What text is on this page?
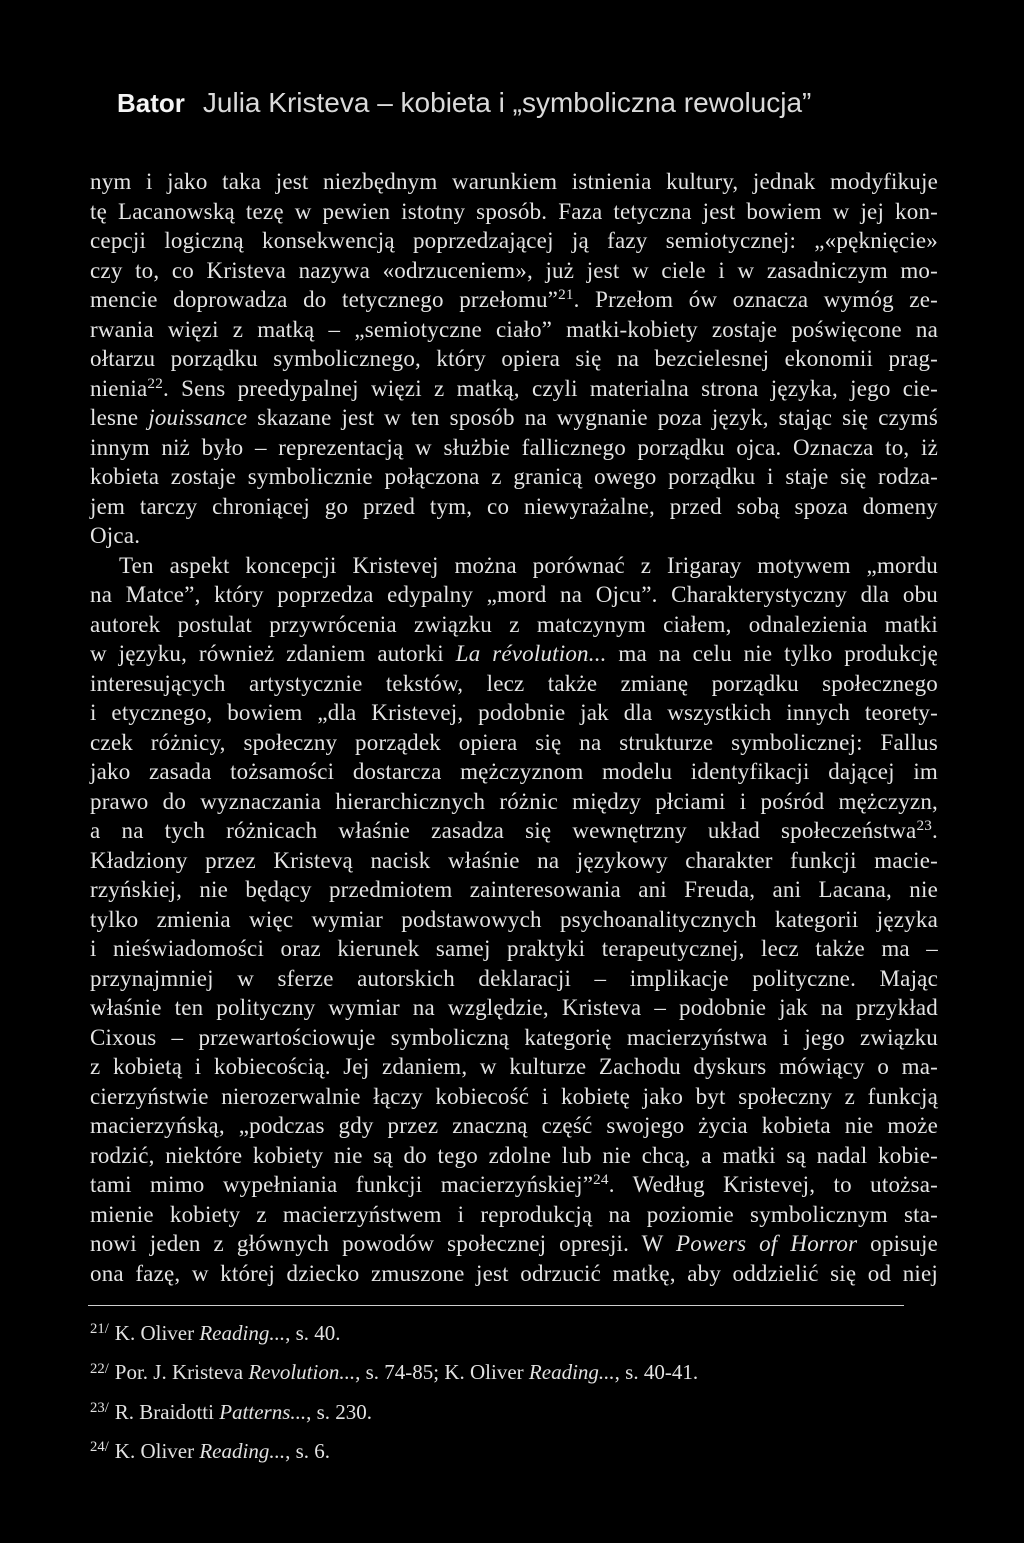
Bator Julia Kristeva – kobieta i „symboliczna rewolucja”
nym i jako taka jest niezbędnym warunkiem istnienia kultury, jednak modyfikuje
tę Lacanowską tezę w pewien istotny sposób. Faza tetyczna jest bowiem w jej kon-
cepcji logiczną konsekwencją poprzedzającej ją fazy semiotycznej: „«pęknięcie»
czy to, co Kristeva nazywa «odrzuceniem», już jest w ciele i w zasadniczym mo-
mencie doprowadza do tetycznego przełomu”$^{21}$. Przełom ów oznacza wymóg ze-
rwania więzi z matką – „semiotyczne ciało” matki-kobiety zostaje poświęcone na
ołtarzu porządku symbolicznego, który opiera się na bezcielesnej ekonomii prag-
nienia$^{22}$. Sens preedypalnej więzi z matką, czyli materialna strona języka, jego cie-
lesne jouissance skazane jest w ten sposób na wygnanie poza język, stając się czymś
innym niż było – reprezentacją w służbie fallicznego porządku ojca. Oznacza to, iż
kobieta zostaje symbolicznie połączona z granicą owego porządku i staje się rodza-
jem tarczy chroniącej go przed tym, co niewyrażalne, przed sobą spoza domeny
Ojca.
Ten aspekt koncepcji Kristevej można porównać z Irigaray motywem „mordu
na Matce”, który poprzedza edypalny „mord na Ojcu”. Charakterystyczny dla obu
autorek postulat przywrócenia związku z matczynym ciałem, odnalezienia matki
w języku, również zdaniem autorki La révolution... ma na celu nie tylko produkcję
interesujących artystycznie tekstów, lecz także zmianę porządku społecznego
i etycznego, bowiem „dla Kristevej, podobnie jak dla wszystkich innych teorety-
czek różnicy, społeczny porządek opiera się na strukturze symbolicznej: Fallus
jako zasada tożsamości dostarcza mężczyznom modelu identyfikacji dającej im
prawo do wyznaczania hierarchicznych różnic między płciami i pośród mężczyzn,
a na tych różnicach właśnie zasadza się wewnętrzny układ społeczeństwa$^{23}$.
Kładziony przez Kristevą nacisk właśnie na językowy charakter funkcji macie-
rzyńskiej, nie będący przedmiotem zainteresowania ani Freuda, ani Lacana, nie
tylko zmienia więc wymiar podstawowych psychoanalitycznych kategorii języka
i nieświadomości oraz kierunek samej praktyki terapeutycznej, lecz także ma –
przynajmniej w sferze autorskich deklaracji – implikacje polityczne. Mając
właśnie ten polityczny wymiar na względzie, Kristeva – podobnie jak na przykład
Cixous – przewartościowuje symboliczną kategorię macierzyństwa i jego związku
z kobietą i kobiecością. Jej zdaniem, w kulturze Zachodu dyskurs mówiący o ma-
cierzyństwie nierozerwalnie łączy kobiecość i kobietę jako byt społeczny z funkcją
macierzyńską, „podczas gdy przez znaczną część swojego życia kobieta nie może
rodzić, niektóre kobiety nie są do tego zdolne lub nie chcą, a matki są nadal kobie-
tami mimo wypełniania funkcji macierzyńskiej”$^{24}$. Według Kristevej, to utożsa-
mienie kobiety z macierzyństwem i reprodukcją na poziomie symbolicznym sta-
nowi jeden z głównych powodów społecznej opresji. W Powers of Horror opisuje
ona fazę, w której dziecko zmuszone jest odrzucić matkę, aby oddzielić się od niej
$^{21/}$ K. Oliver Reading..., s. 40.
$^{22/}$ Por. J. Kristeva Revolution..., s. 74-85; K. Oliver Reading..., s. 40-41.
$^{23/}$ R. Braidotti Patterns..., s. 230.
$^{24/}$ K. Oliver Reading..., s. 6.
